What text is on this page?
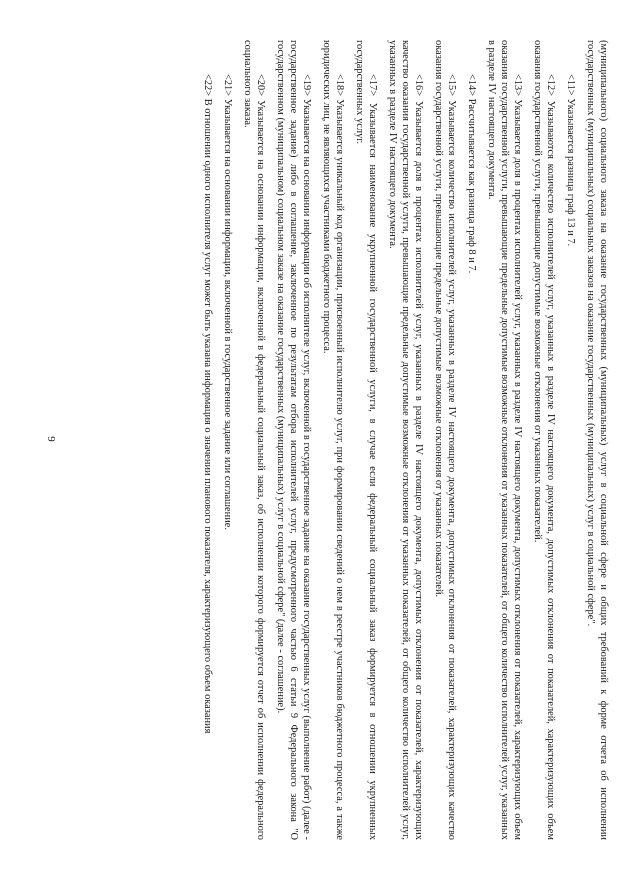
9	(муниципального) социального заказа на оказание государственных (муниципальных) услуг в социальной сфере и общих требований к форме отчета об исполнении государственных (муниципальных) социальных заказов на оказание государственных (муниципальных) услуг в социальной сфере".

<11> Указывается разница граф 13 и 7.

<12> Указываются количество исполнителей услуг, указанных в разделе IV настоящего документа, допустимых отклонения от показателей, характеризующих объем оказания государственной услуги, превышающие допустимые возможные отклонения от указанных показателей.

<13> Указывается доля в процентах исполнителей услуг, указанных в разделе IV настоящего документа, допустимых отклонения от показателей, характеризующих объем оказания государственной услуги, превышающие предельные допустимые возможные отклонения от указанных показателей, от общего количество исполнителей услуг, указанных в разделе IV настоящего документа.

<14> Рассчитывается как разница граф 8 и 7.

<15> Указывается количество исполнителей услуг, указанных в разделе IV настоящего документа, допустимых отклонения от показателей, характеризующих качество оказания государственной услуги, превышающие предельные допустимые возможные отклонения от указанных показателей.

<16> Указывается доля в процентах исполнителей услуг, указанных в разделе IV настоящего документа, допустимых отклонения от показателей, характеризующих качество оказания государственной услуги, превышающие предельные допустимые возможные отклонения от указанных показателей, от общего количество исполнителей услуг, указанных в разделе IV настоящего документа.

<17> Указывается наименование укрупненной государственной услуги, в случае если федеральный социальный заказ формируется в отношении укрупненных государственных услуг.

<18> Указывается уникальный код организации, присвоенный исполнителю услуг, при формировании сведений о нем в реестре участников бюджетного процесса, а также юридических лиц, не являющихся участниками бюджетного процесса.

<19> Указывается на основании информации об исполнителе услуг, включенной в государственное задание на оказание государственных услуг (выполнение работ) (далее - государственное задание) либо в соглашение, заключенное по результатам отбора исполнителей услуг, предусмотренного частью 6 статьи 9 Федерального закона "О государственном (муниципальном) социальном заказе на оказание государственных (муниципальных) услуг в социальной сфере" (далее - соглашение).

<20> Указывается на основании информации, включенной в федеральный социальный заказ, об исполнении которого формируется отчет об исполнении федерального социального заказа.

<21> Указывается на основании информации, включенной в государственное задание или соглашение.

<22> В отношении одного исполнителя услуг может быть указана информация о значении планового показателя, характеризующего объем оказания
